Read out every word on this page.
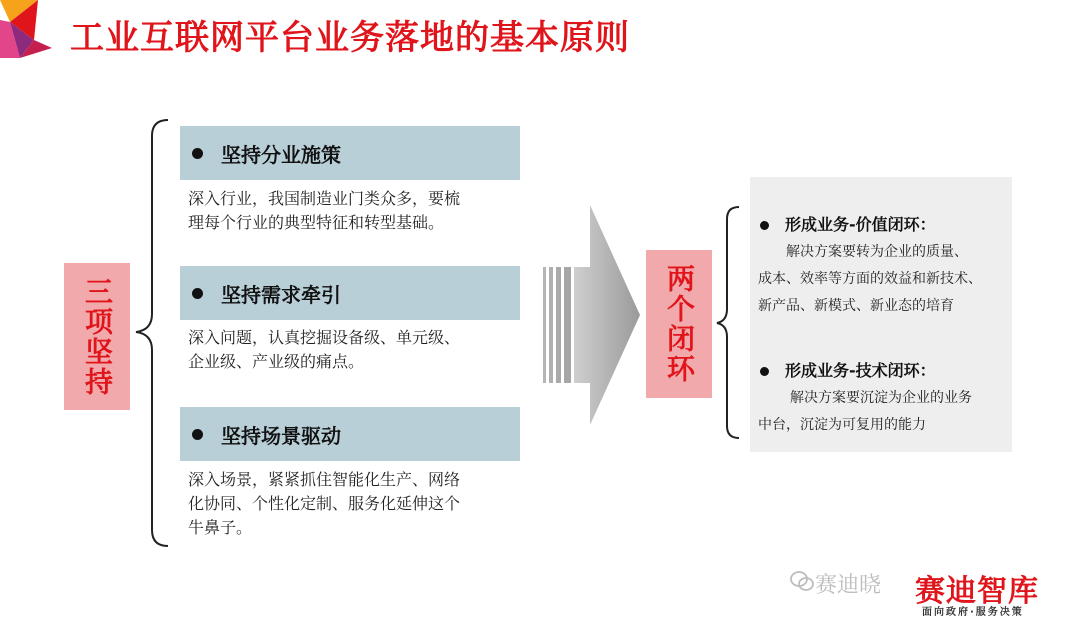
工业互联网平台业务落地的基本原则
三项坚持
坚持分业施策
深入行业，我国制造业门类众多，要梳
理每个行业的典型特征和转型基础。
坚持需求牵引
深入问题，认真挖掘设备级、单元级、
企业级、产业级的痛点。
坚持场景驱动
深入场景，紧紧抓住智能化生产、网络
化协同、个性化定制、服务化延伸这个
牛鼻子。
两个闭环
形成业务-价值闭环：
解决方案要转为企业的质量、
成本、效率等方面的效益和新技术、
新产品、新模式、新业态的培育
形成业务-技术闭环：
解决方案要沉淀为企业的业务
中台，沉淀为可复用的能力
赛迪晓 赛迪智库
面向政府·服务决策
